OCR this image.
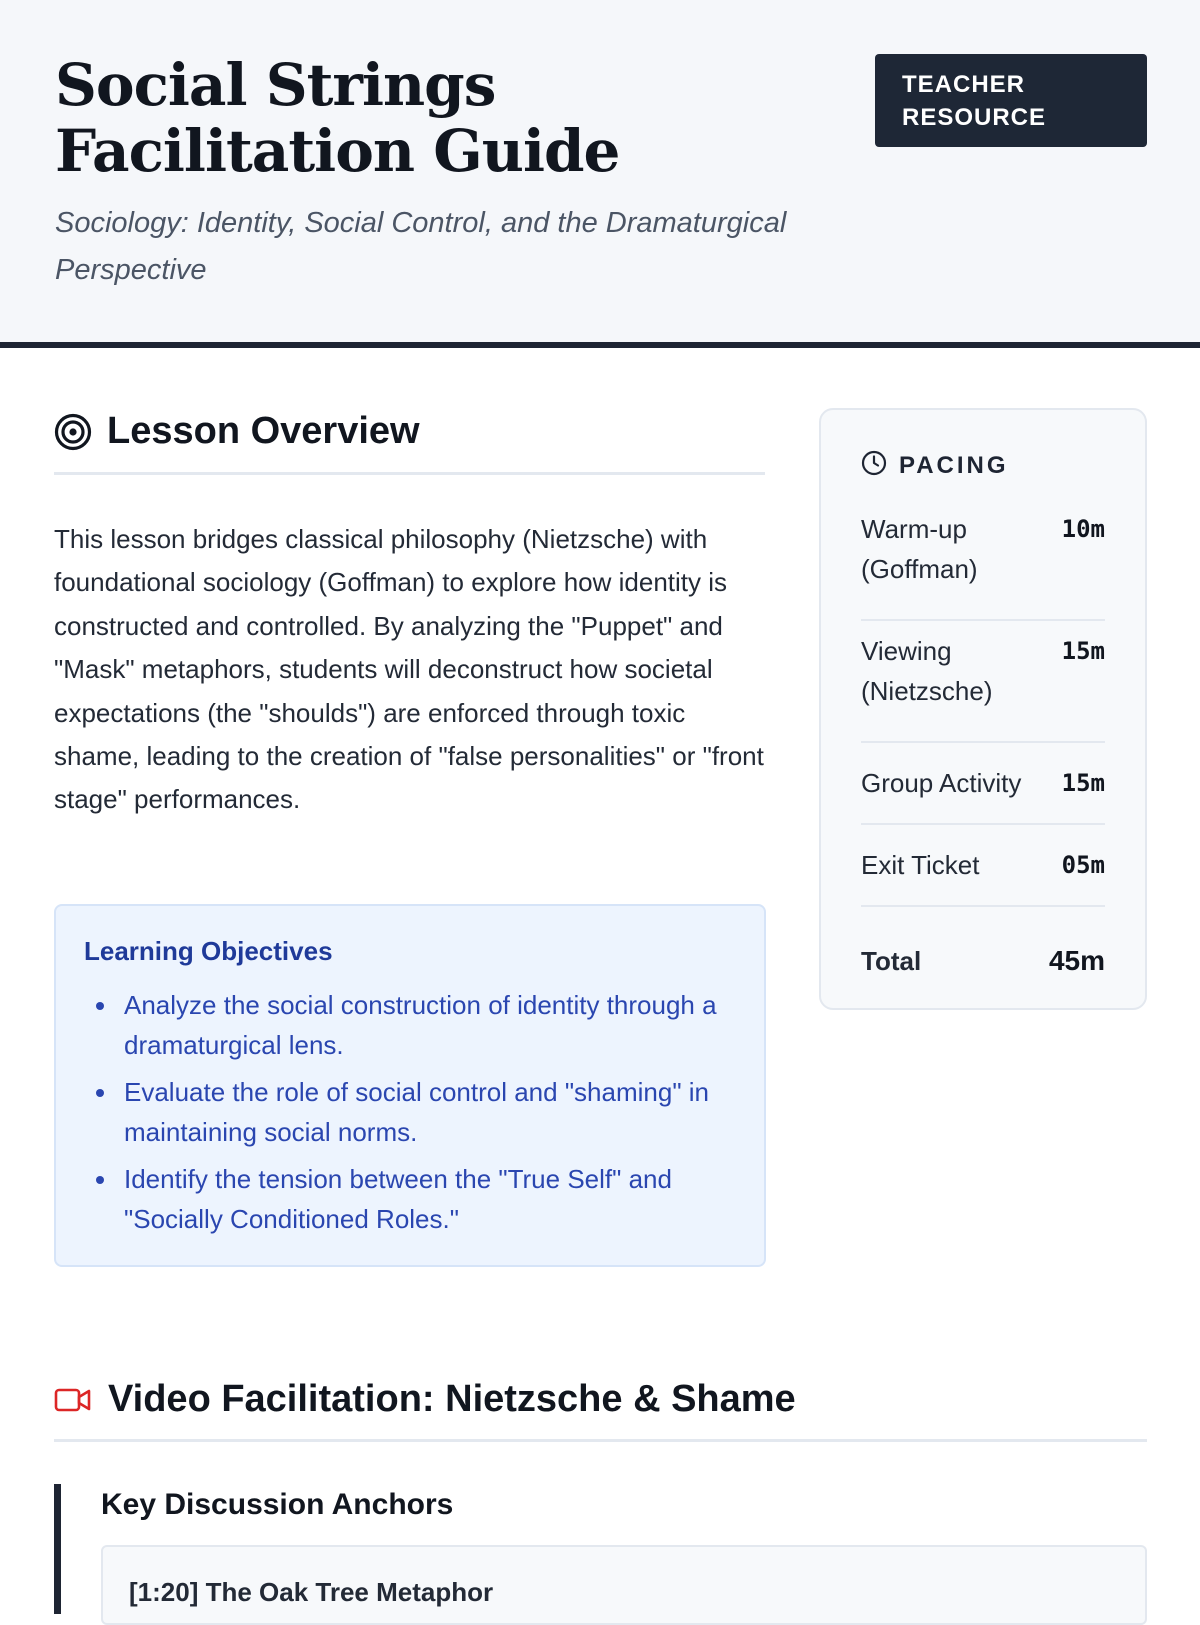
Social Strings Facilitation Guide

Sociology: Identity, Social Control, and the Dramaturgical Perspective

TEACHER RESOURCE
Lesson Overview

This lesson bridges classical philosophy (Nietzsche) with foundational sociology (Goffman) to explore how identity is constructed and controlled. By analyzing the "Puppet" and "Mask" metaphors, students will deconstruct how societal expectations (the "shoulds") are enforced through toxic shame, leading to the creation of "false personalities" or "front stage" performances.

Learning Objectives
Analyze the social construction of identity through a dramaturgical lens.
Evaluate the role of social control and "shaming" in maintaining social norms.
Identify the tension between the "True Self" and "Socially Conditioned Roles."
PACING
Warm-up (Goffman)
10m
Viewing (Nietzsche)
15m
Group Activity 15m
Exit Ticket	05m
Total	45m
Video Facilitation: Nietzsche & Shame
Key Discussion Anchors
[1:20] The Oak Tree Metaphor
